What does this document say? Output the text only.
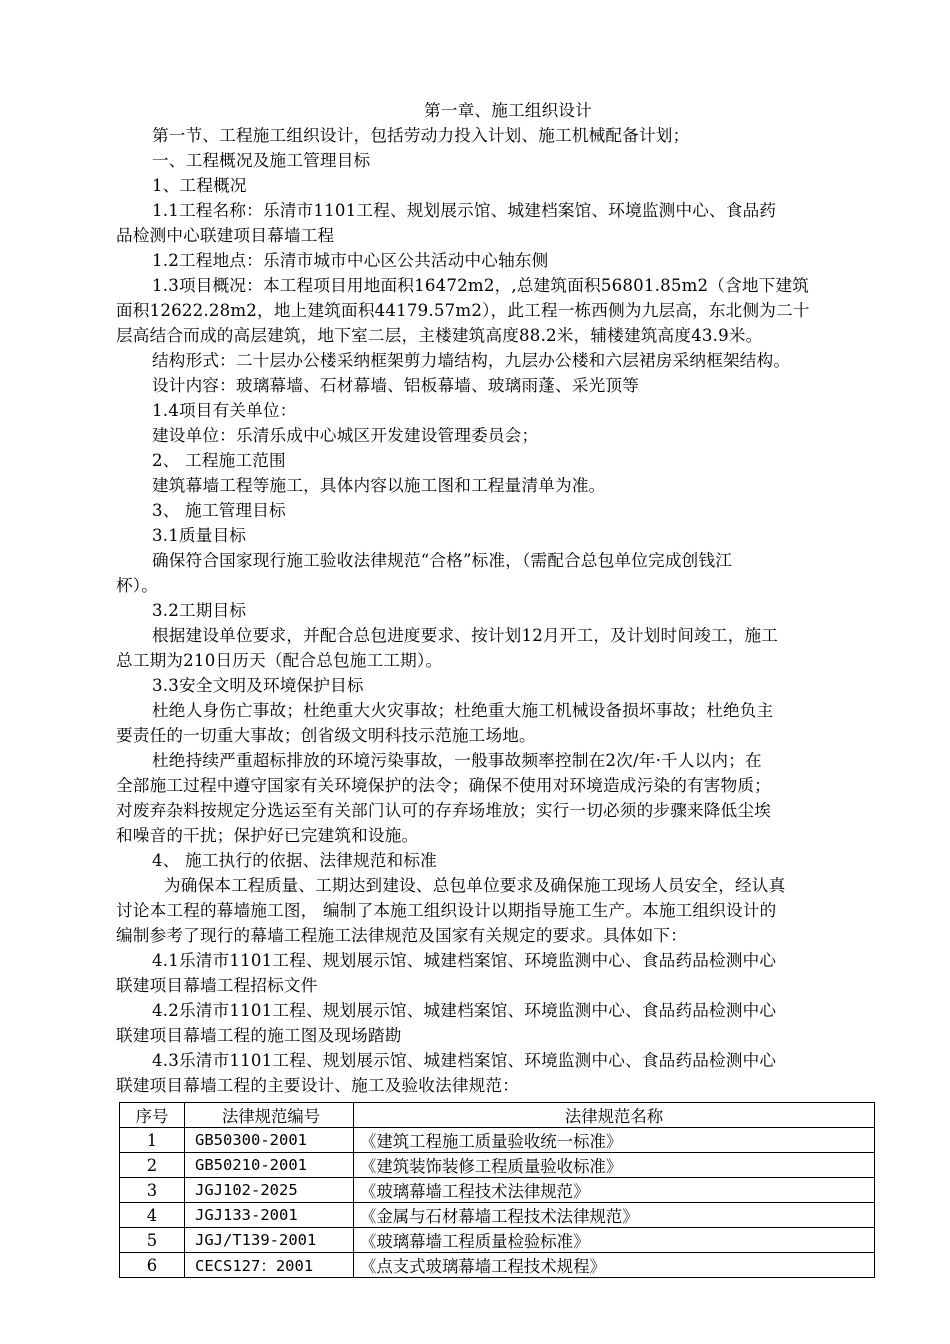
第一章、施工组织设计
第一节、工程施工组织设计，包括劳动力投入计划、施工机械配备计划；
一、工程概况及施工管理目标
1、工程概况
1.1工程名称：乐清市1101工程、规划展示馆、城建档案馆、环境监测中心、食品药
品检测中心联建项目幕墙工程
1.2工程地点：乐清市城市中心区公共活动中心轴东侧
1.3项目概况：本工程项目用地面积16472m2，,总建筑面积56801.85m2（含地下建筑
面积12622.28m2，地上建筑面积44179.57m2），此工程一栋西侧为九层高，东北侧为二十
层高结合而成的高层建筑，地下室二层，主楼建筑高度88.2米，辅楼建筑高度43.9米。
结构形式：二十层办公楼采纳框架剪力墙结构，九层办公楼和六层裙房采纳框架结构。
设计内容：玻璃幕墙、石材幕墙、铝板幕墙、玻璃雨蓬、采光顶等
1.4项目有关单位：
建设单位：乐清乐成中心城区开发建设管理委员会；
2、 工程施工范围
建筑幕墙工程等施工，具体内容以施工图和工程量清单为准。
3、 施工管理目标
3.1质量目标
确保符合国家现行施工验收法律规范“合格”标准，（需配合总包单位完成创钱江
杯）。
3.2工期目标
根据建设单位要求，并配合总包进度要求、按计划12月开工，及计划时间竣工，施工
总工期为210日历天（配合总包施工工期）。
3.3安全文明及环境保护目标
杜绝人身伤亡事故；杜绝重大火灾事故；杜绝重大施工机械设备损坏事故；杜绝负主
要责任的一切重大事故；创省级文明科技示范施工场地。
杜绝持续严重超标排放的环境污染事故，一般事故频率控制在2次/年·千人以内；在
全部施工过程中遵守国家有关环境保护的法令；确保不使用对环境造成污染的有害物质；
对废弃杂料按规定分选运至有关部门认可的存弃场堆放；实行一切必须的步骤来降低尘埃
和噪音的干扰；保护好已完建筑和设施。
4、 施工执行的依据、法律规范和标准
为确保本工程质量、工期达到建设、总包单位要求及确保施工现场人员安全，经认真
讨论本工程的幕墙施工图， 编制了本施工组织设计以期指导施工生产。本施工组织设计的
编制参考了现行的幕墙工程施工法律规范及国家有关规定的要求。具体如下：
4.1乐清市1101工程、规划展示馆、城建档案馆、环境监测中心、食品药品检测中心
联建项目幕墙工程招标文件
4.2乐清市1101工程、规划展示馆、城建档案馆、环境监测中心、食品药品检测中心
联建项目幕墙工程的施工图及现场踏勘
4.3乐清市1101工程、规划展示馆、城建档案馆、环境监测中心、食品药品检测中心
联建项目幕墙工程的主要设计、施工及验收法律规范：
序号	法律规范编号	法律规范名称
1	GB50300-2001	《建筑工程施工质量验收统一标准》
2	GB50210-2001	《建筑装饰装修工程质量验收标准》
3	JGJ102-2025	《玻璃幕墙工程技术法律规范》
4	JGJ133-2001	《金属与石材幕墙工程技术法律规范》
5	JGJ/T139-2001	《玻璃幕墙工程质量检验标准》
6	CECS127：2001	《点支式玻璃幕墙工程技术规程》
